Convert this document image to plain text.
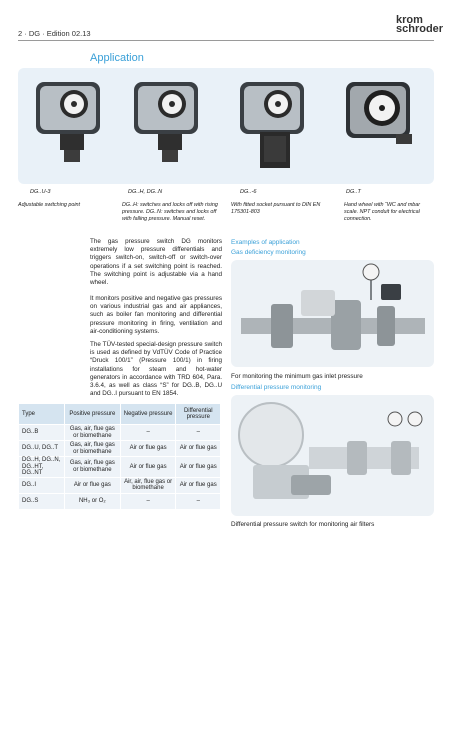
2 · DG · Edition 02.13
krom
schroder
Application
DG..U-3
Adjustable switching point
DG..H, DG..N
DG..H: switches and locks off with rising pressure. DG..N: switches and locks off with falling pressure. Manual reset.
DG..-6
With fitted socket pursuant to DIN EN 175301-803
DG..T
Hand wheel with “WC and mbar scale. NPT conduit for electrical connection.
The gas pressure switch DG monitors extremely low pressure differentials and triggers switch-on, switch-off or switch-over operations if a set switching point is reached. The switching point is adjustable via a hand wheel.
It monitors positive and negative gas pressures on various industrial gas and air appliances, such as boiler fan monitoring and differential pressure monitoring in firing, ventilation and air-conditioning systems.
The TÜV-tested special-design pressure switch is used as defined by VdTÜV Code of Practice “Druck 100/1” (Pressure 100/1) in firing installations for steam and hot-water generators in accordance with TRD 604, Para. 3.6.4, as well as class “S” for DG..B, DG..U and DG..I pursuant to EN 1854.
Type	Positive pressure	Negative pressure	Differential pressure
DG..B	Gas, air, flue gas or biomethane	–	–
DG..U, DG..T	Gas, air, flue gas or biomethane	Air or flue gas	Air or flue gas
DG..H, DG..N, DG..HT, DG..NT	Gas, air, flue gas or biomethane	Air or flue gas	Air or flue gas
DG..I	Air or flue gas	Air, air, flue gas or biomethane	Air or flue gas
DG..S	NH₃ or O₂	–	–
Examples of application
Gas deficiency monitoring
For monitoring the minimum gas inlet pressure
Differential pressure monitoring
Differential pressure switch for monitoring air filters
